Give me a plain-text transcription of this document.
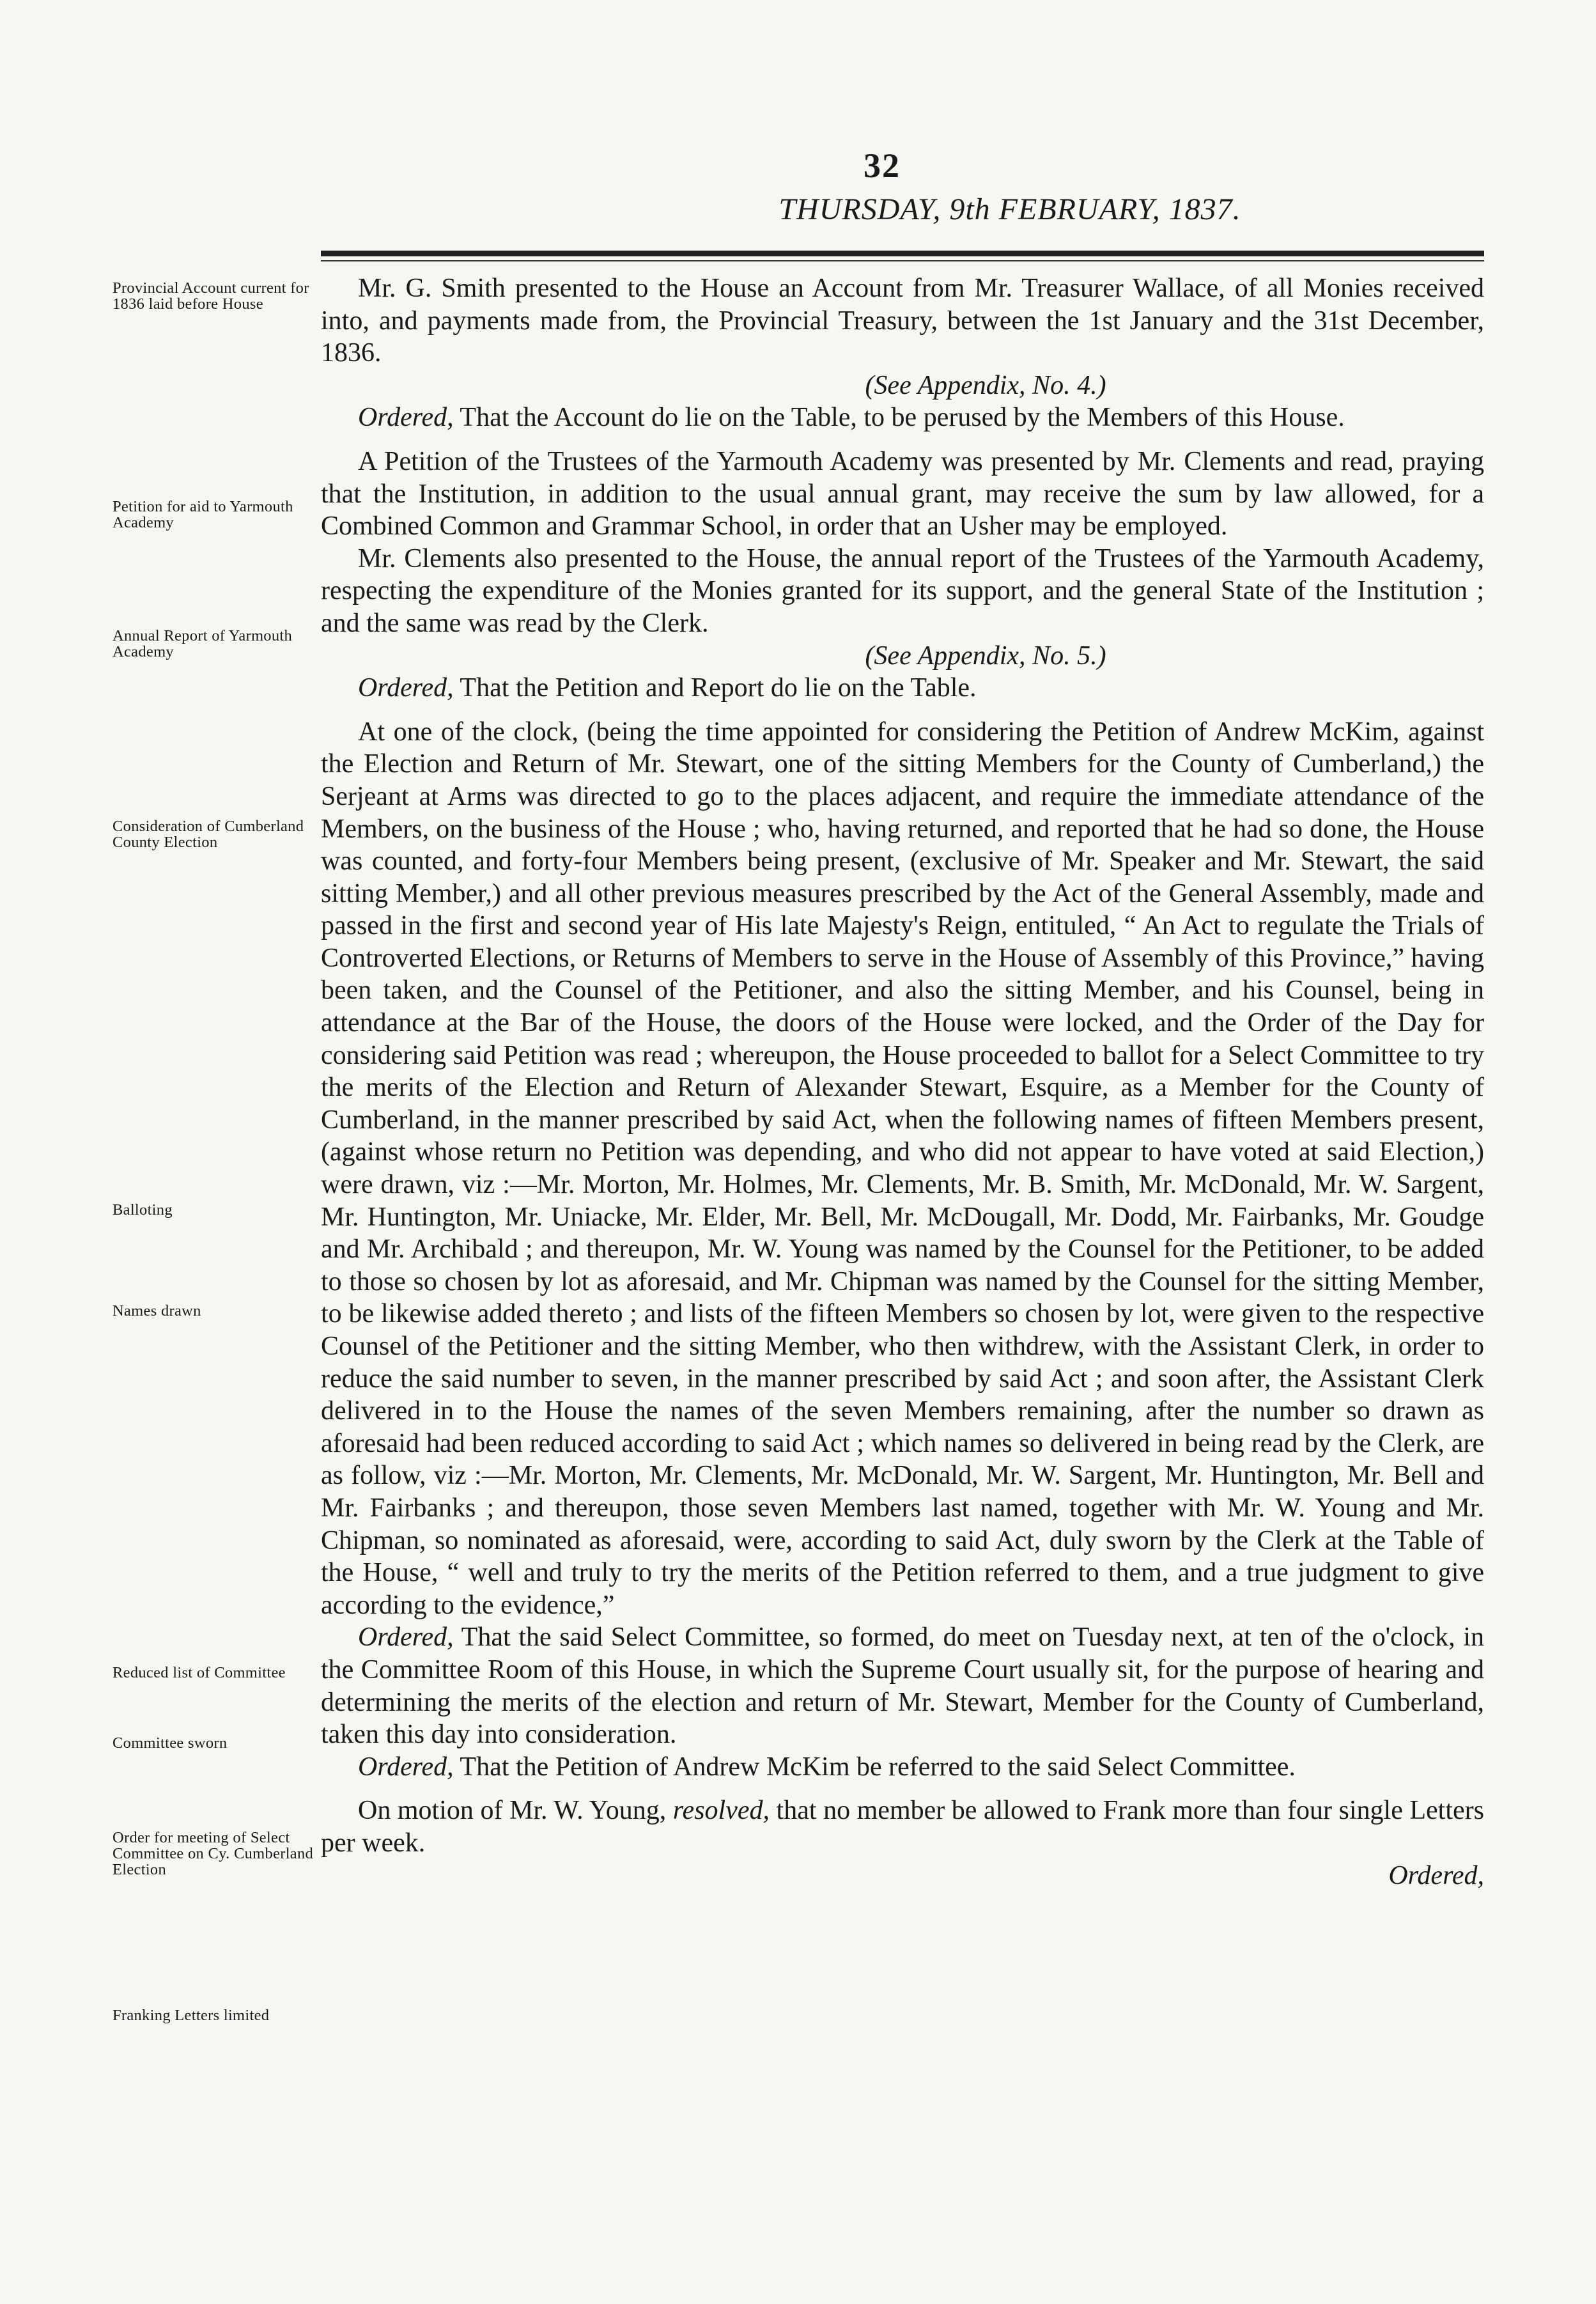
32
THURSDAY, 9th FEBRUARY, 1837.
Provincial Account current for 1836 laid before House
Petition for aid to Yarmouth Academy
Annual Report of Yarmouth Academy
Consideration of Cumberland County Election
Balloting
Names drawn
Reduced list of Committee
Committee sworn
Order for meeting of Select Committee on Cy. Cumberland Election
Franking Letters limited

Mr. G. Smith presented to the House an Account from Mr. Treasurer Wallace, of all Monies received into, and payments made from, the Provincial Treasury, between the 1st January and the 31st December, 1836.

(See Appendix, No. 4.)

Ordered, That the Account do lie on the Table, to be perused by the Members of this House.

A Petition of the Trustees of the Yarmouth Academy was presented by Mr. Clements and read, praying that the Institution, in addition to the usual annual grant, may receive the sum by law allowed, for a Combined Common and Grammar School, in order that an Usher may be employed.

Mr. Clements also presented to the House, the annual report of the Trustees of the Yarmouth Academy, respecting the expenditure of the Monies granted for its support, and the general State of the Institution ; and the same was read by the Clerk.

(See Appendix, No. 5.)

Ordered, That the Petition and Report do lie on the Table.

At one of the clock, (being the time appointed for considering the Petition of Andrew McKim, against the Election and Return of Mr. Stewart, one of the sitting Members for the County of Cumberland,) the Serjeant at Arms was directed to go to the places adjacent, and require the immediate attendance of the Members, on the business of the House ; who, having returned, and reported that he had so done, the House was counted, and forty-four Members being present, (exclusive of Mr. Speaker and Mr. Stewart, the said sitting Member,) and all other previous measures prescribed by the Act of the General Assembly, made and passed in the first and second year of His late Majesty's Reign, entituled, “ An Act to regulate the Trials of Controverted Elections, or Returns of Members to serve in the House of Assembly of this Province,” having been taken, and the Counsel of the Petitioner, and also the sitting Member, and his Counsel, being in attendance at the Bar of the House, the doors of the House were locked, and the Order of the Day for considering said Petition was read ; whereupon, the House proceeded to ballot for a Select Committee to try the merits of the Election and Return of Alexander Stewart, Esquire, as a Member for the County of Cumberland, in the manner prescribed by said Act, when the following names of fifteen Members present, (against whose return no Petition was depending, and who did not appear to have voted at said Election,) were drawn, viz :—Mr. Morton, Mr. Holmes, Mr. Clements, Mr. B. Smith, Mr. McDonald, Mr. W. Sargent, Mr. Huntington, Mr. Uniacke, Mr. Elder, Mr. Bell, Mr. McDougall, Mr. Dodd, Mr. Fairbanks, Mr. Goudge and Mr. Archibald ; and thereupon, Mr. W. Young was named by the Counsel for the Petitioner, to be added to those so chosen by lot as aforesaid, and Mr. Chipman was named by the Counsel for the sitting Member, to be likewise added thereto ; and lists of the fifteen Members so chosen by lot, were given to the respective Counsel of the Petitioner and the sitting Member, who then withdrew, with the Assistant Clerk, in order to reduce the said number to seven, in the manner prescribed by said Act ; and soon after, the Assistant Clerk delivered in to the House the names of the seven Members remaining, after the number so drawn as aforesaid had been reduced according to said Act ; which names so delivered in being read by the Clerk, are as follow, viz :—Mr. Morton, Mr. Clements, Mr. McDonald, Mr. W. Sargent, Mr. Huntington, Mr. Bell and Mr. Fairbanks ; and thereupon, those seven Members last named, together with Mr. W. Young and Mr. Chipman, so nominated as aforesaid, were, according to said Act, duly sworn by the Clerk at the Table of the House, “ well and truly to try the merits of the Petition referred to them, and a true judgment to give according to the evidence,”

Ordered, That the said Select Committee, so formed, do meet on Tuesday next, at ten of the o'clock, in the Committee Room of this House, in which the Supreme Court usually sit, for the purpose of hearing and determining the merits of the election and return of Mr. Stewart, Member for the County of Cumberland, taken this day into consideration.

Ordered, That the Petition of Andrew McKim be referred to the said Select Committee.

On motion of Mr. W. Young, resolved, that no member be allowed to Frank more than four single Letters per week.

Ordered,
